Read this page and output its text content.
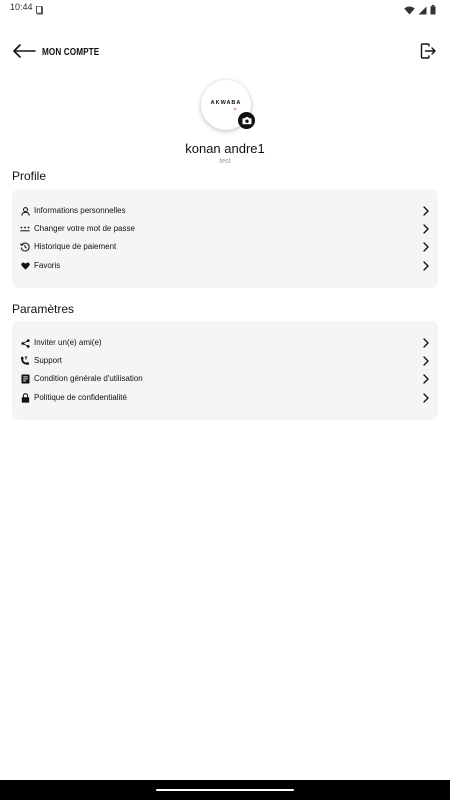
10:44
MON COMPTE
AKWABA
CI
konan andre1
test
Profile
Informations personnelles
Changer votre mot de passe
Historique de paiement
Favoris
Paramètres
Inviter un(e) ami(e)
Support
Condition générale d'utilisation
Politique de confidentialité
